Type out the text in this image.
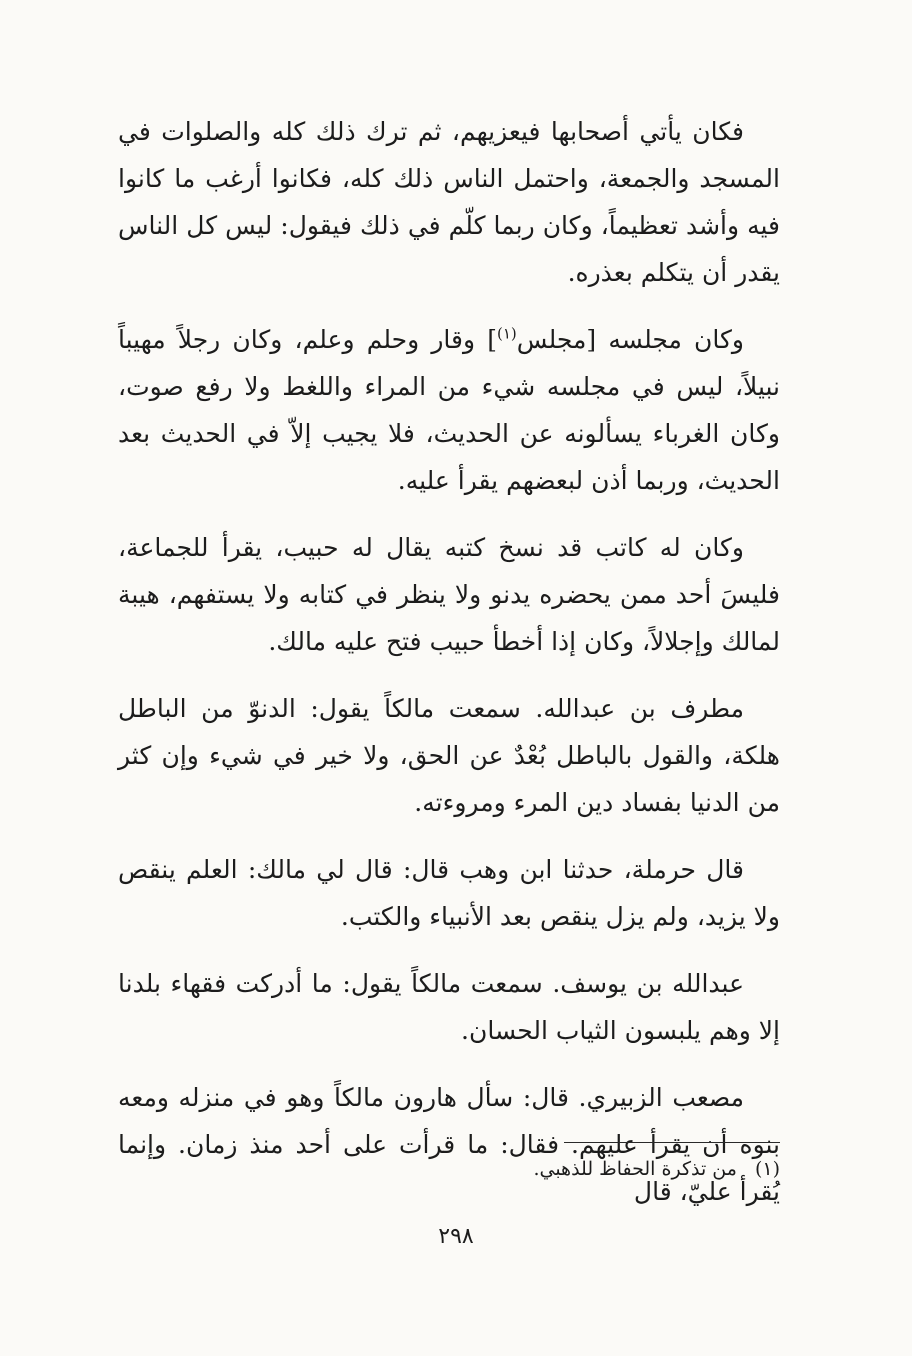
فكان يأتي أصحابها فيعزيهم، ثم ترك ذلك كله والصلوات في المسجد والجمعة، واحتمل الناس ذلك كله، فكانوا أرغب ما كانوا فيه وأشد تعظيماً، وكان ربما كلّم في ذلك فيقول: ليس كل الناس يقدر أن يتكلم بعذره.

وكان مجلسه [مجلس$^{(١)}$] وقار وحلم وعلم، وكان رجلاً مهيباً نبيلاً، ليس في مجلسه شيء من المراء واللغط ولا رفع صوت، وكان الغرباء يسألونه عن الحديث، فلا يجيب إلاّ في الحديث بعد الحديث، وربما أذن لبعضهم يقرأ عليه.

وكان له كاتب قد نسخ كتبه يقال له حبيب، يقرأ للجماعة، فليسَ أحد ممن يحضره يدنو ولا ينظر في كتابه ولا يستفهم، هيبة لمالك وإجلالاً، وكان إذا أخطأ حبيب فتح عليه مالك.

مطرف بن عبدالله. سمعت مالكاً يقول: الدنوّ من الباطل هلكة، والقول بالباطل بُعْدٌ عن الحق، ولا خير في شيء وإن كثر من الدنيا بفساد دين المرء ومروءته.

قال حرملة، حدثنا ابن وهب قال: قال لي مالك: العلم ينقص ولا يزيد، ولم يزل ينقص بعد الأنبياء والكتب.

عبدالله بن يوسف. سمعت مالكاً يقول: ما أدركت فقهاء بلدنا إلا وهم يلبسون الثياب الحسان.

مصعب الزبيري. قال: سأل هارون مالكاً وهو في منزله ومعه بنوه أن يقرأ عليهم. فقال: ما قرأت على أحد منذ زمان. وإنما يُقرأ عليّ، قال

(١)من تذكرة الحفاظ للذهبي.
٢٩٨
